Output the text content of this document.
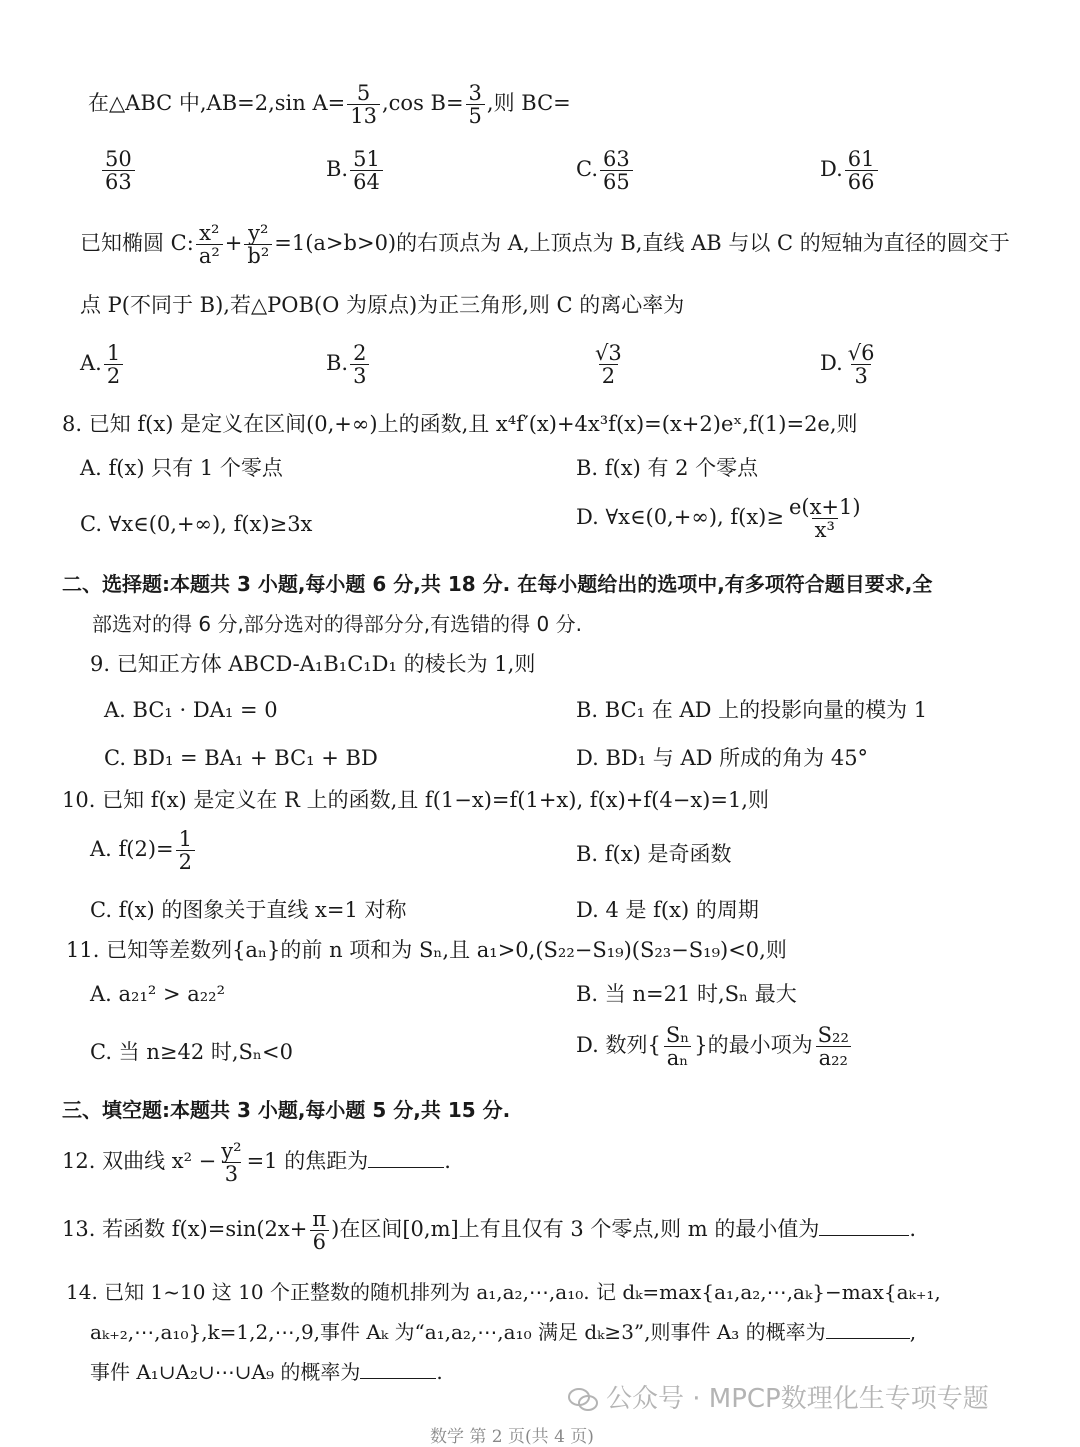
在△ABC 中,AB=2,sin $A= \frac{5}{13} ,\cos$ $B= \frac{3}{5}$ ,则 BC=
$\frac{50}{63}$	B. $\frac{51}{64}$	C. $\frac{63}{65}$	D. $\frac{61}{66}$
已知椭圆 C: $\frac{\text{x²}}{\text{a²}} + \frac{\text{y²}}{\text{b²}} =1(a>b>0)$的右顶点为 A,上顶点为 B,直线 AB 与以 C 的短轴为直径的圆交于
点 P(不同于 B),若△POB(O 为原点)为正三角形,则 C 的离心率为
A. $\frac{1}{2}$	B. $\frac{2}{3}$	$\frac{√3}{2}$	D. $\frac{√6}{3}$
8. 已知 f(x) 是定义在区间(0,+∞)上的函数,且 x⁴f′(x)+4x³f(x)=(x+2)eˣ,f(1)=2e,则
A. f(x) 只有 1 个零点	B. f(x) 有 2 个零点
C. ∀x∈(0,+∞), f(x)≥3x	D. ∀x∈(0,+∞), $f(x)\ge \frac{e(x+1)}{\text{x³}}$
二、选择题:本题共 3 小题,每小题 6 分,共 18 分. 在每小题给出的选项中,有多项符合题目要求,全
部选对的得 6 分,部分选对的得部分分,有选错的得 0 分.
9. 已知正方体 ABCD-A₁B₁C₁D₁ 的棱长为 1,则
A. BC₁ · DA₁ = 0	B. BC₁ 在 AD 上的投影向量的模为 1
C. BD₁ = BA₁ + BC₁ + BD	D. BD₁ 与 AD 所成的角为 45°
10. 已知 f(x) 是定义在 R 上的函数,且 f(1−x)=f(1+x), f(x)+f(4−x)=1,则
A. $f(2)= \frac{1}{2}$	B. f(x) 是奇函数
C. f(x) 的图象关于直线 x=1 对称	D. 4 是 f(x) 的周期
11. 已知等差数列{aₙ}的前 n 项和为 Sₙ,且 a₁>0,(S₂₂−S₁₉)(S₂₃−S₁₉)<0,则
A. a₂₁² > a₂₂²	B. 当 n=21 时,Sₙ 最大
C. 当 n≥42 时,Sₙ<0	D. 数列{ $\frac{\text{Sₙ}}{\text{aₙ}}$ }的最小项为 $\frac{\text{S₂₂}}{\text{a₂₂}}$
三、填空题:本题共 3 小题,每小题 5 分,共 15 分.
12. 双曲线 $x^2 - \frac{\text{y²}}{3} =1$ 的焦距为	.
13. 若函数 $f(x)=\sin(2x+ \frac{\pi}{6}$ )在区间[0,m]上有且仅有 3 个零点,则 m 的最小值为	.
14. 已知 1~10 这 10 个正整数的随机排列为 a₁,a₂,⋯,a₁₀. 记 dₖ=max{a₁,a₂,⋯,aₖ}−max{aₖ₊₁,
aₖ₊₂,⋯,a₁₀},k=1,2,⋯,9,事件 Aₖ 为“a₁,a₂,⋯,a₁₀ 满足 dₖ≥3”,则事件 A₃ 的概率为	,
事件 A₁∪A₂∪⋯∪A₉ 的概率为	.
公众号 · MPCP数理化生专项专题
数学 第 2 页(共 4 页)
